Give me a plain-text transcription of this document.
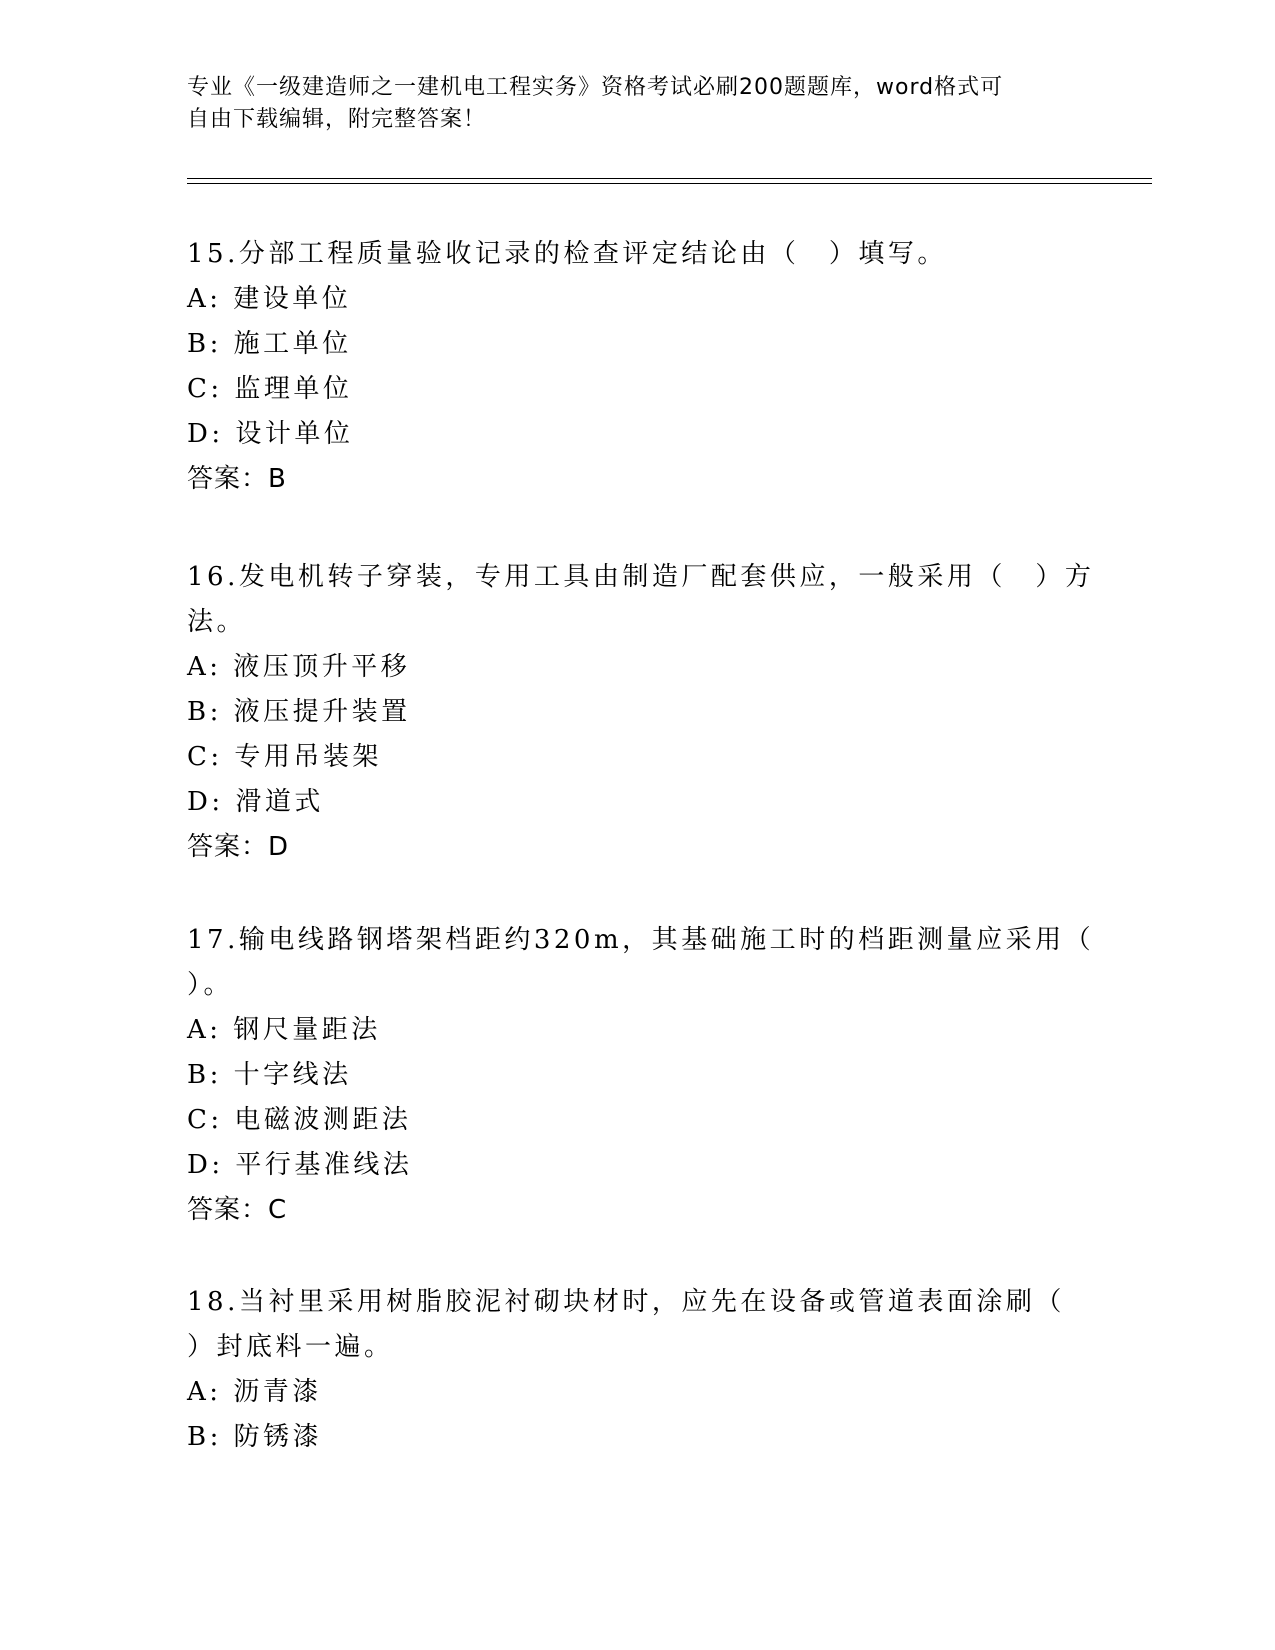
专业《一级建造师之一建机电工程实务》资格考试必刷200题题库，word格式可
自由下载编辑，附完整答案！
15.分部工程质量验收记录的检查评定结论由（　）填写。
A: 建设单位
B: 施工单位
C: 监理单位
D: 设计单位
答案：B
16.发电机转子穿装，专用工具由制造厂配套供应，一般采用（　）方
法。
A: 液压顶升平移
B: 液压提升装置
C: 专用吊装架
D: 滑道式
答案：D
17.输电线路钢塔架档距约320m，其基础施工时的档距测量应采用（
）。
A: 钢尺量距法
B: 十字线法
C: 电磁波测距法
D: 平行基准线法
答案：C
18.当衬里采用树脂胶泥衬砌块材时，应先在设备或管道表面涂刷（
）封底料一遍。
A: 沥青漆
B: 防锈漆
